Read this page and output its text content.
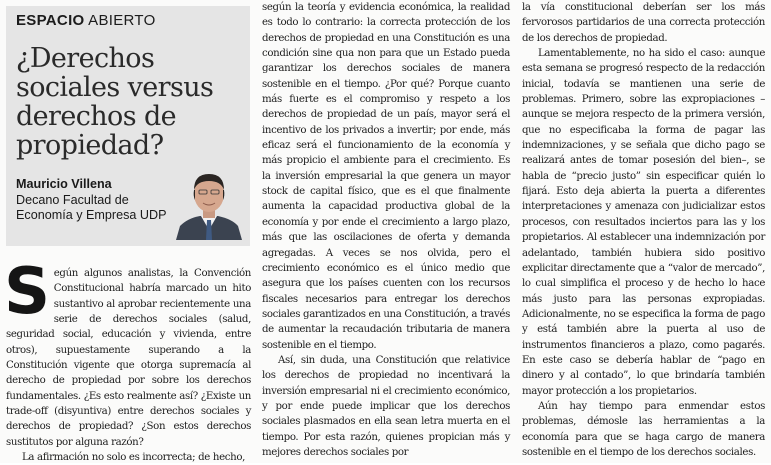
ESPACIO ABIERTO
¿Derechos sociales versus derechos de propiedad?
Mauricio Villena
Decano Facultad de Economía y Empresa UDP

Según algunos analistas, la Convención Constitucional habría marcado un hito sustantivo al aprobar recientemente una serie de derechos sociales (salud, seguridad social, educación y vivienda, entre otros), supuestamente superando a la Constitución vigente que otorga supremacía al derecho de propiedad por sobre los derechos fundamentales. ¿Es esto realmente así? ¿Existe un trade-off (disyuntiva) entre derechos sociales y derechos de propiedad? ¿Son estos derechos sustitutos por alguna razón?

La afirmación no solo es incorrecta; de hecho,

según la teoría y evidencia económica, la realidad es todo lo contrario: la correcta protección de los derechos de propiedad en una Constitución es una condición sine qua non para que un Estado pueda garantizar los derechos sociales de manera sostenible en el tiempo. ¿Por qué? Porque cuanto más fuerte es el compromiso y respeto a los derechos de propiedad de un país, mayor será el incentivo de los privados a invertir; por ende, más eficaz será el funcionamiento de la economía y más propicio el ambiente para el crecimiento. Es la inversión empresarial la que genera un mayor stock de capital físico, que es el que finalmente aumenta la capacidad productiva global de la economía y por ende el crecimiento a largo plazo, más que las oscilaciones de oferta y demanda agregadas. A veces se nos olvida, pero el crecimiento económico es el único medio que asegura que los países cuenten con los recursos fiscales necesarios para entregar los derechos sociales garantizados en una Constitución, a través de aumentar la recaudación tributaria de manera sostenible en el tiempo.

Así, sin duda, una Constitución que relativice los derechos de propiedad no incentivará la inversión empresarial ni el crecimiento económico, y por ende puede implicar que los derechos sociales plasmados en ella sean letra muerta en el tiempo. Por esta razón, quienes propician más y mejores derechos sociales por

la vía constitucional deberían ser los más fervorosos partidarios de una correcta protección de los derechos de propiedad.

Lamentablemente, no ha sido el caso: aunque esta semana se progresó respecto de la redacción inicial, todavía se mantienen una serie de problemas. Primero, sobre las expropiaciones –aunque se mejora respecto de la primera versión, que no especificaba la forma de pagar las indemnizaciones, y se señala que dicho pago se realizará antes de tomar posesión del bien–, se habla de “precio justo” sin especificar quién lo fijará. Esto deja abierta la puerta a diferentes interpretaciones y amenaza con judicializar estos procesos, con resultados inciertos para las y los propietarios. Al establecer una indemnización por adelantado, también hubiera sido positivo explicitar directamente que a “valor de mercado”, lo cual simplifica el proceso y de hecho lo hace más justo para las personas expropiadas. Adicionalmente, no se especifica la forma de pago y está también abre la puerta al uso de instrumentos financieros a plazo, como pagarés. En este caso se debería hablar de “pago en dinero y al contado”, lo que brindaría también mayor protección a los propietarios.

Aún hay tiempo para enmendar estos problemas, démosle las herramientas a la economía para que se haga cargo de manera sostenible en el tiempo de los derechos sociales.
